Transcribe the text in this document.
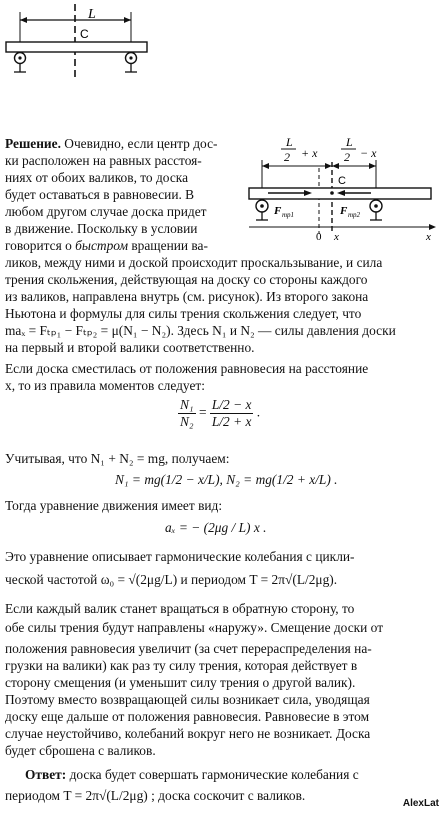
L
C
L
2 + x
L
2 − x
C
F тр1	F тр2
0 x	x
Решение. Очевидно, если центр дос-
ки расположен на равных расстоя-
ниях от обоих валиков, то доска
будет оставаться в равновесии. В
любом другом случае доска придет
в движение. Поскольку в условии
говорится о быстром вращении ва-
ликов, между ними и доской происходит проскальзывание, и сила
трения скольжения, действующая на доску со стороны каждого
из валиков, направлена внутрь (см. рисунок). Из второго закона
Ньютона и формулы для силы трения скольжения следует, что
maₓ = Fₜₚ₁ − Fₜₚ₂ = μ(N₁ − N₂). Здесь N₁ и N₂ — силы давления доски
на первый и второй валики соответственно.
Если доска сместилась от положения равновесия на расстояние
x, то из правила моментов следует:
$\frac{\text{N₁}}{\text{N₂}} = \frac{L/2 - x}{L/2 + x}$ .
Учитывая, что N₁ + N₂ = mg, получаем:
N₁ = mg(1/2 − x/L), N₂ = mg(1/2 + x/L) .
Тогда уравнение движения имеет вид:
aₓ = − (2μg / L) x .
Это уравнение описывает гармонические колебания с цикли-
ческой частотой ω₀ = √(2μg/L) и периодом T = 2π√(L/2μg).
Если каждый валик станет вращаться в обратную сторону, то
обе силы трения будут направлены «наружу». Смещение доски от
положения равновесия увеличит (за счет перераспределения на-
грузки на валики) как раз ту силу трения, которая действует в
сторону смещения (и уменьшит силу трения о другой валик).
Поэтому вместо возвращающей силы возникает сила, уводящая
доску еще дальше от положения равновесия. Равновесие в этом
случае неустойчиво, колебаний вокруг него не возникает. Доска
будет сброшена с валиков.
Ответ: доска будет совершать гармонические колебания с
периодом T = 2π√(L/2μg) ; доска соскочит с валиков.
AlexLat
